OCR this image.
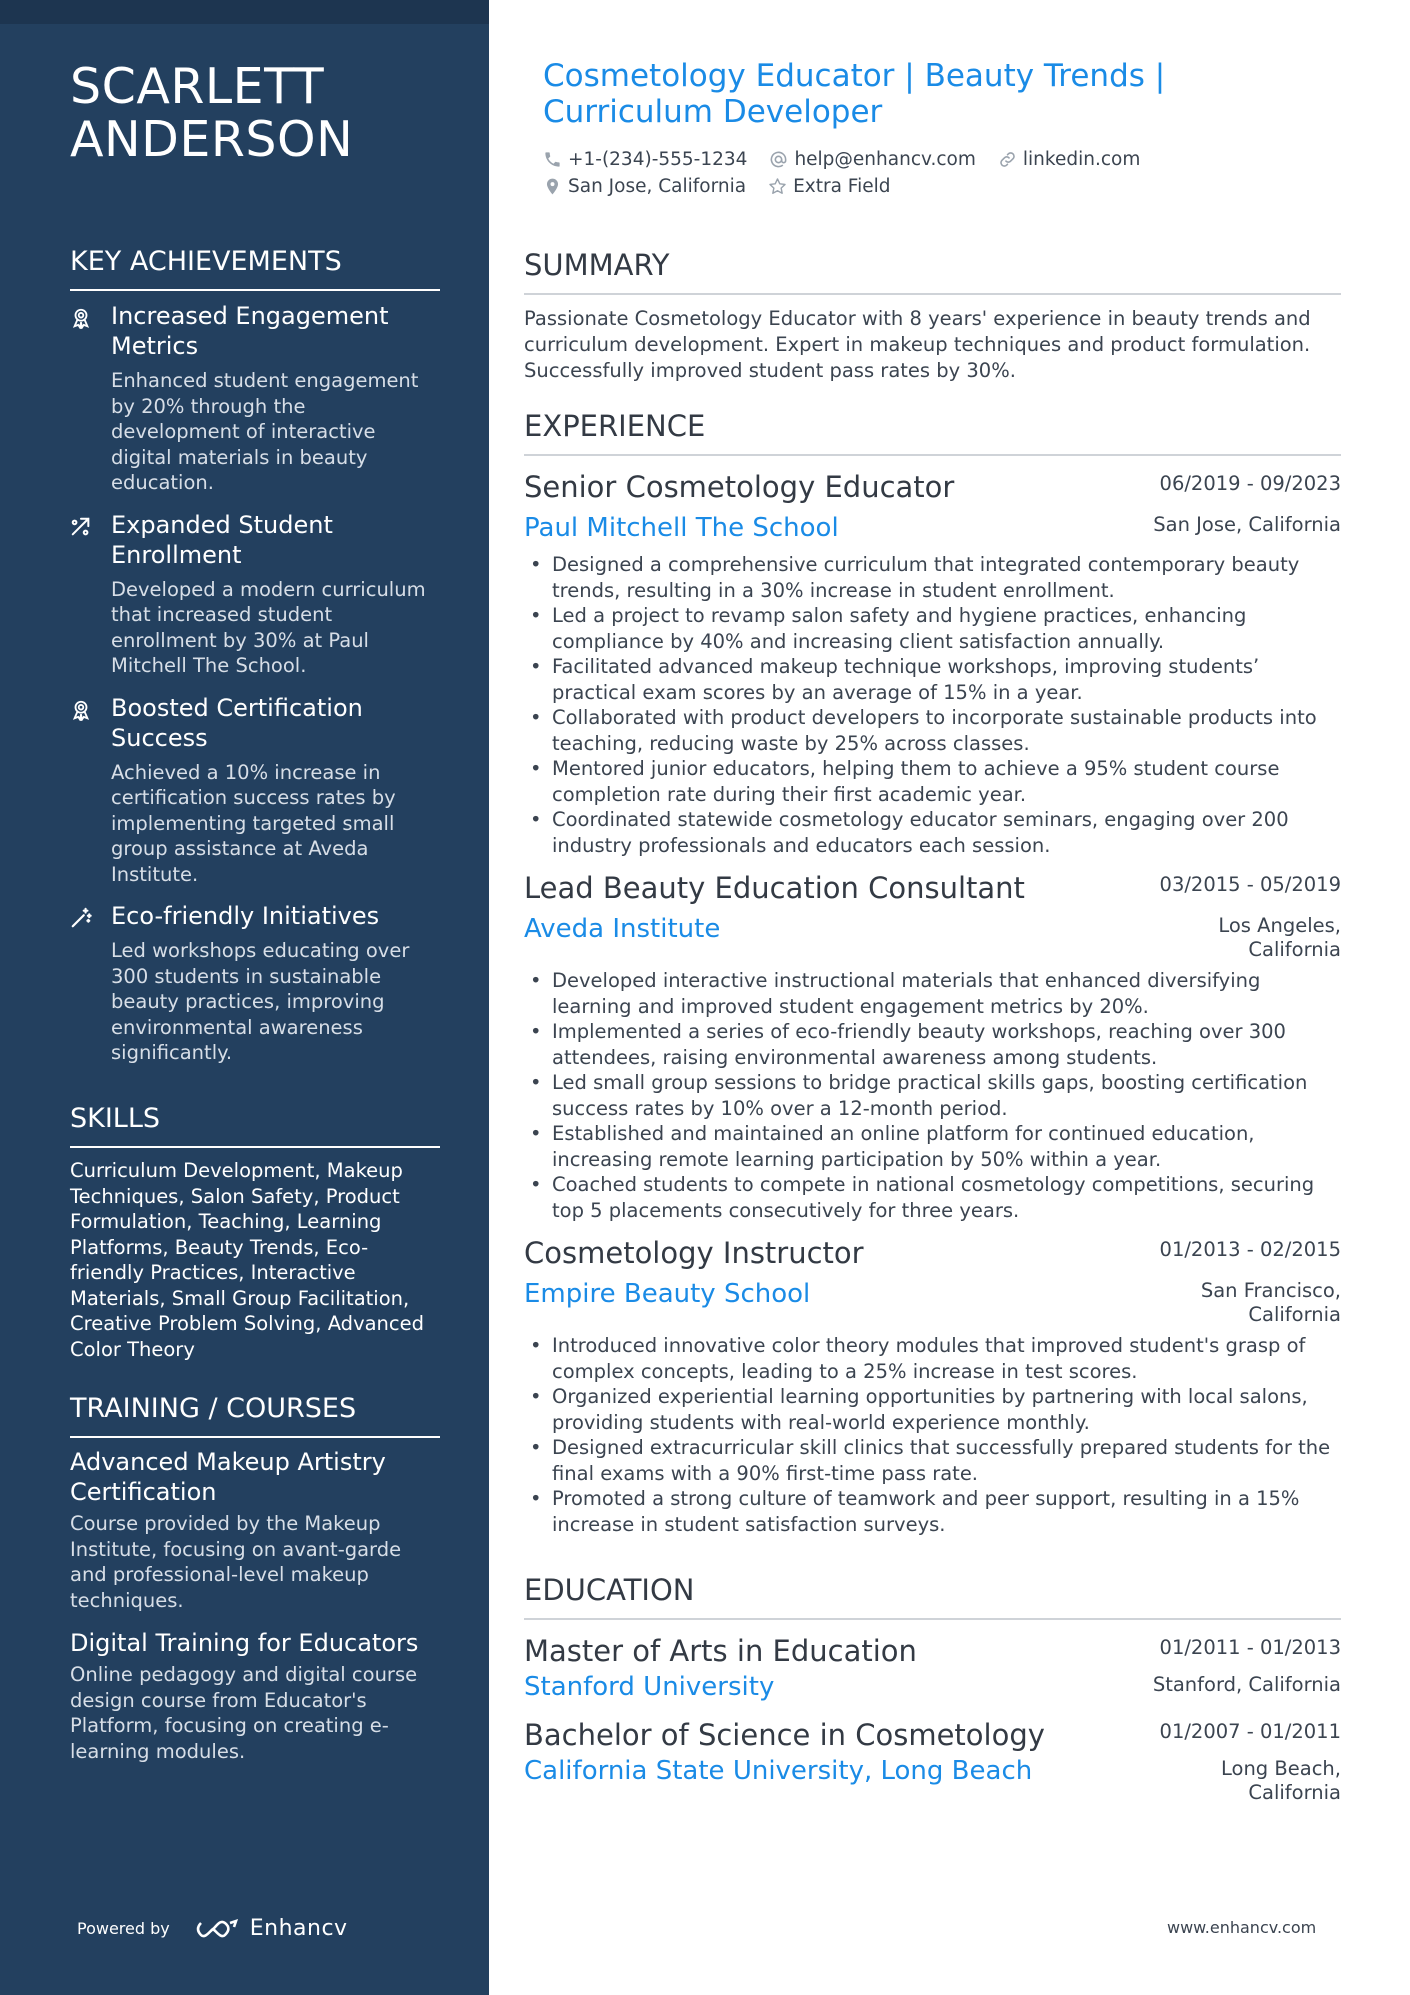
SCARLETT ANDERSON
KEY ACHIEVEMENTS
Increased Engagement Metrics
Enhanced student engagement by 20% through the development of interactive digital materials in beauty education.
Expanded Student Enrollment
Developed a modern curriculum that increased student enrollment by 30% at Paul Mitchell The School.
Boosted Certification Success
Achieved a 10% increase in certification success rates by implementing targeted small group assistance at Aveda Institute.
Eco-friendly Initiatives
Led workshops educating over 300 students in sustainable beauty practices, improving environmental awareness significantly.
SKILLS
Curriculum Development, Makeup Techniques, Salon Safety, Product Formulation, Teaching, Learning Platforms, Beauty Trends, Eco-friendly Practices, Interactive Materials, Small Group Facilitation, Creative Problem Solving, Advanced Color Theory
TRAINING / COURSES
Advanced Makeup Artistry Certification
Course provided by the Makeup Institute, focusing on avant-garde and professional-level makeup techniques.
Digital Training for Educators
Online pedagogy and digital course design course from Educator's Platform, focusing on creating e-learning modules.
Powered by	Enhancv
Cosmetology Educator | Beauty Trends | Curriculum Developer
+1-(234)-555-1234	help@enhancv.com	linkedin.com
San Jose, California	Extra Field
SUMMARY
Passionate Cosmetology Educator with 8 years' experience in beauty trends and curriculum development. Expert in makeup techniques and product formulation. Successfully improved student pass rates by 30%.
EXPERIENCE
Senior Cosmetology Educator	06/2019 - 09/2023
Paul Mitchell The School	San Jose, California
• Designed a comprehensive curriculum that integrated contemporary beauty trends, resulting in a 30% increase in student enrollment.
• Led a project to revamp salon safety and hygiene practices, enhancing compliance by 40% and increasing client satisfaction annually.
• Facilitated advanced makeup technique workshops, improving students’ practical exam scores by an average of 15% in a year.
• Collaborated with product developers to incorporate sustainable products into teaching, reducing waste by 25% across classes.
• Mentored junior educators, helping them to achieve a 95% student course completion rate during their first academic year.
• Coordinated statewide cosmetology educator seminars, engaging over 200 industry professionals and educators each session.
Lead Beauty Education Consultant	03/2015 - 05/2019
Aveda Institute	Los Angeles, California
• Developed interactive instructional materials that enhanced diversifying learning and improved student engagement metrics by 20%.
• Implemented a series of eco-friendly beauty workshops, reaching over 300 attendees, raising environmental awareness among students.
• Led small group sessions to bridge practical skills gaps, boosting certification success rates by 10% over a 12-month period.
• Established and maintained an online platform for continued education, increasing remote learning participation by 50% within a year.
• Coached students to compete in national cosmetology competitions, securing top 5 placements consecutively for three years.
Cosmetology Instructor	01/2013 - 02/2015
Empire Beauty School	San Francisco, California
• Introduced innovative color theory modules that improved student's grasp of complex concepts, leading to a 25% increase in test scores.
• Organized experiential learning opportunities by partnering with local salons, providing students with real-world experience monthly.
• Designed extracurricular skill clinics that successfully prepared students for the final exams with a 90% first-time pass rate.
• Promoted a strong culture of teamwork and peer support, resulting in a 15% increase in student satisfaction surveys.
EDUCATION
Master of Arts in Education	01/2011 - 01/2013
Stanford University	Stanford, California
Bachelor of Science in Cosmetology	01/2007 - 01/2011
California State University, Long Beach	Long Beach, California
www.enhancv.com
